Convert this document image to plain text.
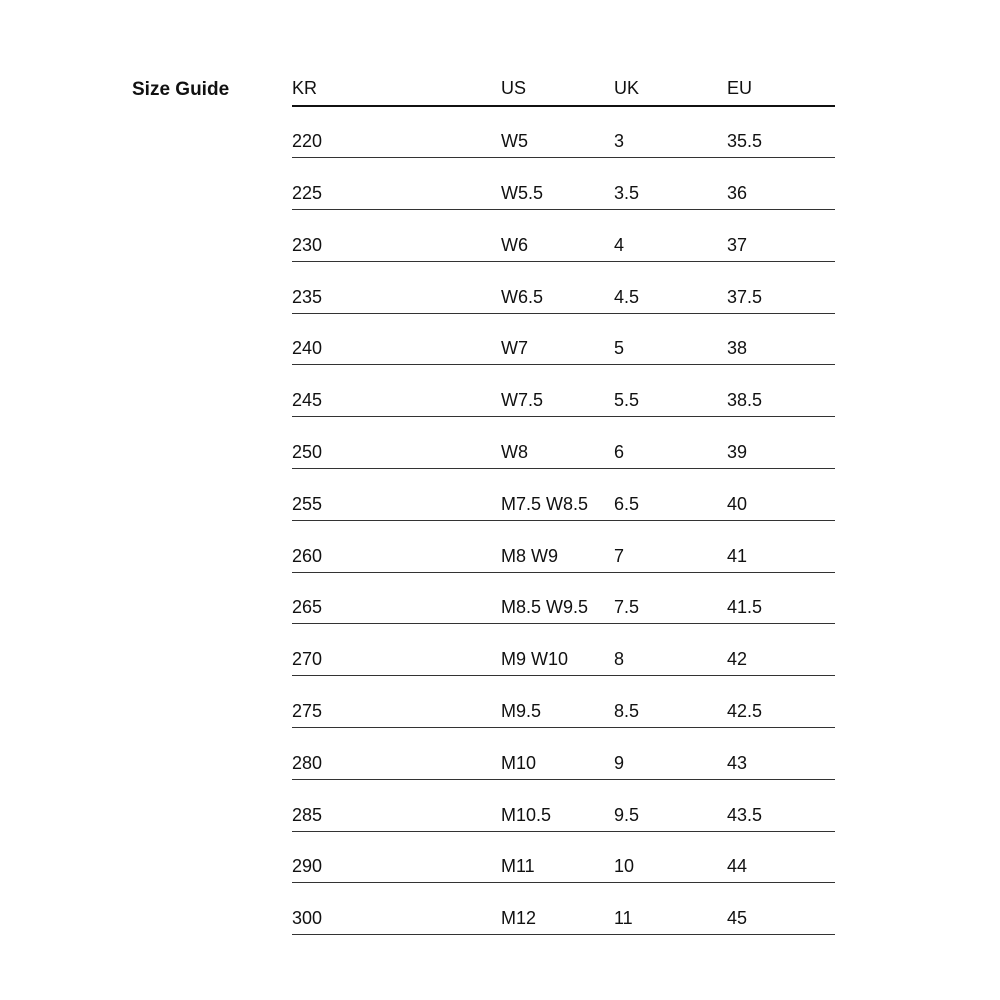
Size Guide	KR	US	UK	EU
220	W5	3	35.5
225	W5.5	3.5	36
230	W6	4	37
235	W6.5	4.5	37.5
240	W7	5	38
245	W7.5	5.5	38.5
250	W8	6	39
255	M7.5 W8.5	6.5	40
260	M8 W9	7	41
265	M8.5 W9.5	7.5	41.5
270	M9 W10	8	42
275	M9.5	8.5	42.5
280	M10	9	43
285	M10.5	9.5	43.5
290	M11	10	44
300	M12	11	45
